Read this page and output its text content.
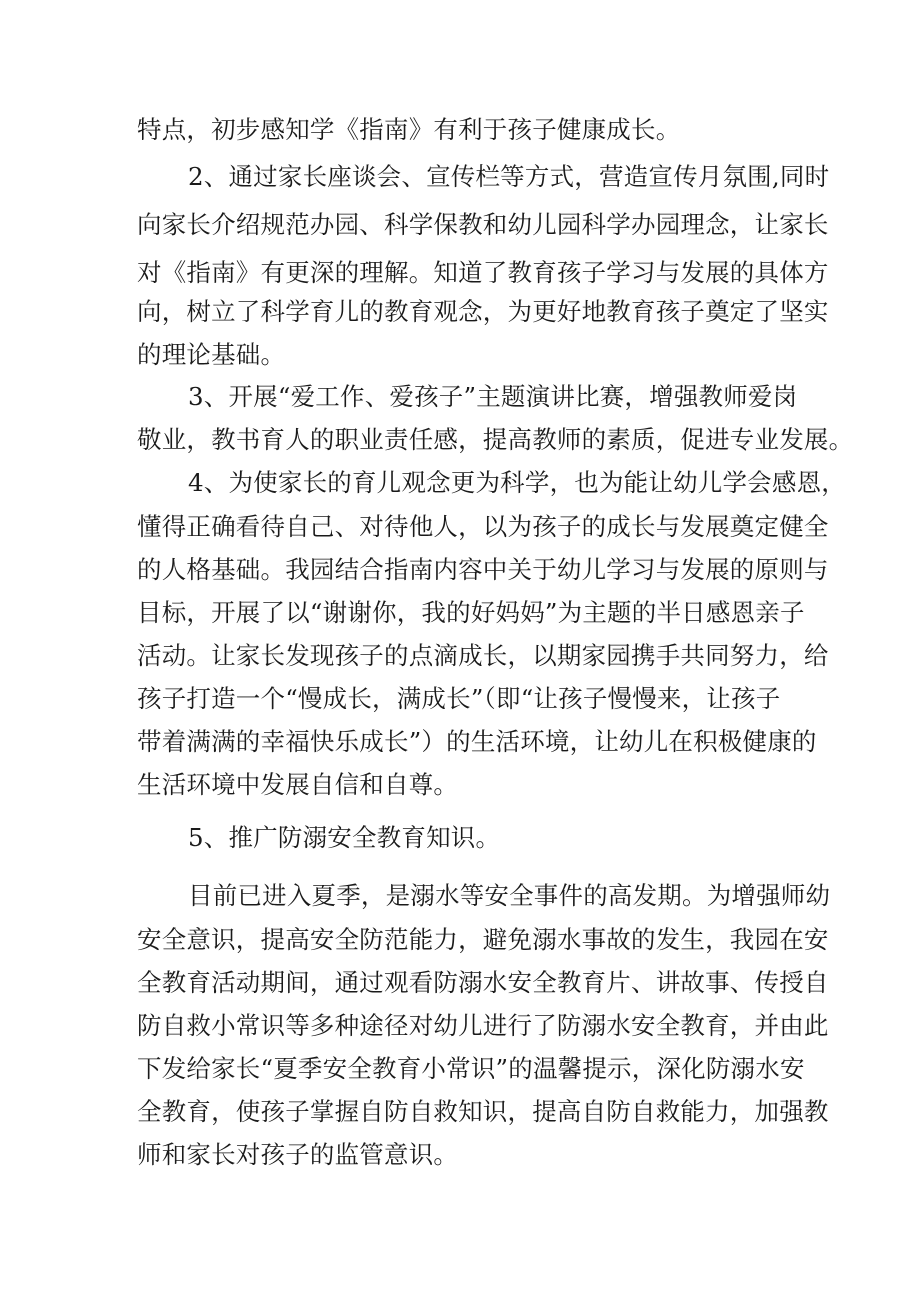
特点，初步感知学《指南》有利于孩子健康成长。
2、通过家长座谈会、宣传栏等方式，营造宣传月氛围,同时
向家长介绍规范办园、科学保教和幼儿园科学办园理念，让家长
对《指南》有更深的理解。知道了教育孩子学习与发展的具体方
向，树立了科学育儿的教育观念，为更好地教育孩子奠定了坚实
的理论基础。
3、开展“爱工作、爱孩子”主题演讲比赛，增强教师爱岗
敬业，教书育人的职业责任感，提高教师的素质，促进专业发展。
4、为使家长的育儿观念更为科学，也为能让幼儿学会感恩，
懂得正确看待自己、对待他人，以为孩子的成长与发展奠定健全
的人格基础。我园结合指南内容中关于幼儿学习与发展的原则与
目标，开展了以“谢谢你，我的好妈妈”为主题的半日感恩亲子
活动。让家长发现孩子的点滴成长，以期家园携手共同努力，给
孩子打造一个“慢成长，满成长”（即“让孩子慢慢来，让孩子
带着满满的幸福快乐成长”）的生活环境，让幼儿在积极健康的
生活环境中发展自信和自尊。
5、推广防溺安全教育知识。
目前已进入夏季，是溺水等安全事件的高发期。为增强师幼
安全意识，提高安全防范能力，避免溺水事故的发生，我园在安
全教育活动期间，通过观看防溺水安全教育片、讲故事、传授自
防自救小常识等多种途径对幼儿进行了防溺水安全教育，并由此
下发给家长“夏季安全教育小常识”的温馨提示，深化防溺水安
全教育，使孩子掌握自防自救知识，提高自防自救能力，加强教
师和家长对孩子的监管意识。
